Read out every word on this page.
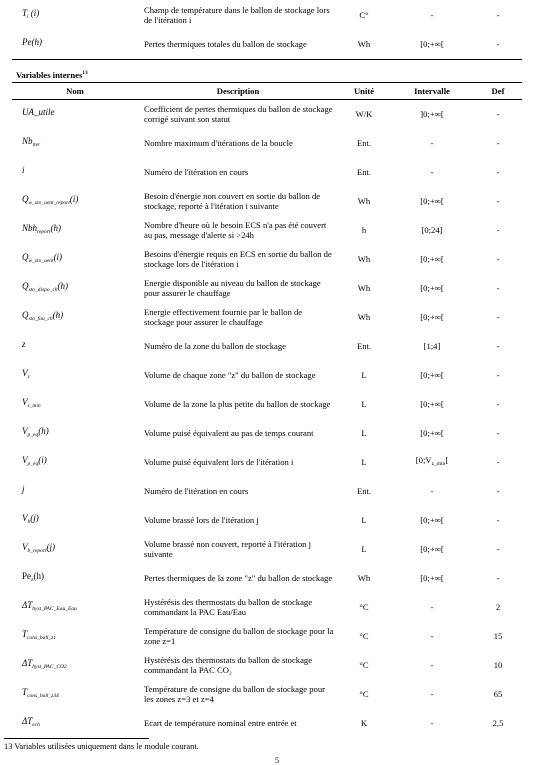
$T_i$ (i)	Champ de température dans le ballon de stockage lors de l'itération i	C°	-	-
Pe(h)	Pertes thermiques totales du ballon de stockage	Wh	[0;+∞[	-
Variables internes$^{13}$
Nom	Description	Unité	Intervalle	Def
UA_utile	Coefficient de pertes thermiques du ballon de stockage corrigé suivant son statut	W/K	]0;+∞[	-
$Nb_{iter}$	Nombre maximum d'itérations de la boucle	Ent.	-	-
i	Numéro de l'itération en cours	Ent.	-	-
$Q_{w\_sto\_uent\_report}(i)$	Besoin d'énergie non couvert en sortie du ballon de stockage, reporté à l'itération i suivante	Wh	[0;+∞[	-
Nbh$_{report}$(h)	Nombre d'heure où le besoin ECS n'a pas été couvert au pas, message d'alerte si >24h	h	[0;24]	-
$Q_{w\_sto\_uent}(i)$	Besoins d'énergie requis en ECS en sortie du ballon de stockage lors de l'itération i	Wh	[0;+∞[	-
$Q_{sto\_dispo\_ch}(h)$	Energie disponible au niveau du ballon de stockage pour assurer le chauffage	Wh	[0;+∞[	-
$Q_{sto\_fou\_ch}(h)$	Energie effectivement fournie par le ballon de stockage pour assurer le chauffage	Wh	[0;+∞[	-
z	Numéro de la zone du ballon de stockage	Ent.	[1;4]	-
$V_z$	Volume de chaque zone "z" du ballon de stockage	L	[0;+∞[	-
$V_{z\_min}$	Volume de la zone la plus petite du ballon de stockage	L	[0;+∞[	-
$V_{p\_eq}(h)$	Volume puisé équivalent au pas de temps courant	L	[0;+∞[	-
$V_{p\_eq}(i)$	Volume puisé équivalent lors de l'itération i	L	[$0;V_{z\_min}$[	-
j	Numéro de l'itération en cours	Ent.	-	-
$V_b(j)$	Volume brassé lors de l'itération j	L	[0;+∞[	-
$V_{b\_report}(j)$	Volume brassé non couvert, reporté à l'itération j suivante	L	[0;+∞[	-
$Pe_z(h)$	Pertes thermiques de la zone "z" du ballon de stockage	Wh	[0;+∞[	-
$\Delta T_{hyst\_PAC\_Eau\_Eau}$	Hystérésis des thermostats du ballon de stockage commandant la PAC Eau/Eau	°C	-	2
$T_{cons\_ball\_z1}$	Température de consigne du ballon de stockage pour la zone z=1	°C	-	15
$\Delta T_{hyst\_PAC\_CO2}$	Hystérésis des thermostats du ballon de stockage commandant la PAC CO₂	°C	-	10
$T_{cons\_ball\_z34}$	Température de consigne du ballon de stockage pour les zones z=3 et z=4	°C	-	65
$\Delta T_{ech}$	Ecart de température nominal entre entrée et	K	-	2,5
13 Variables utilisées uniquement dans le module courant.
5
